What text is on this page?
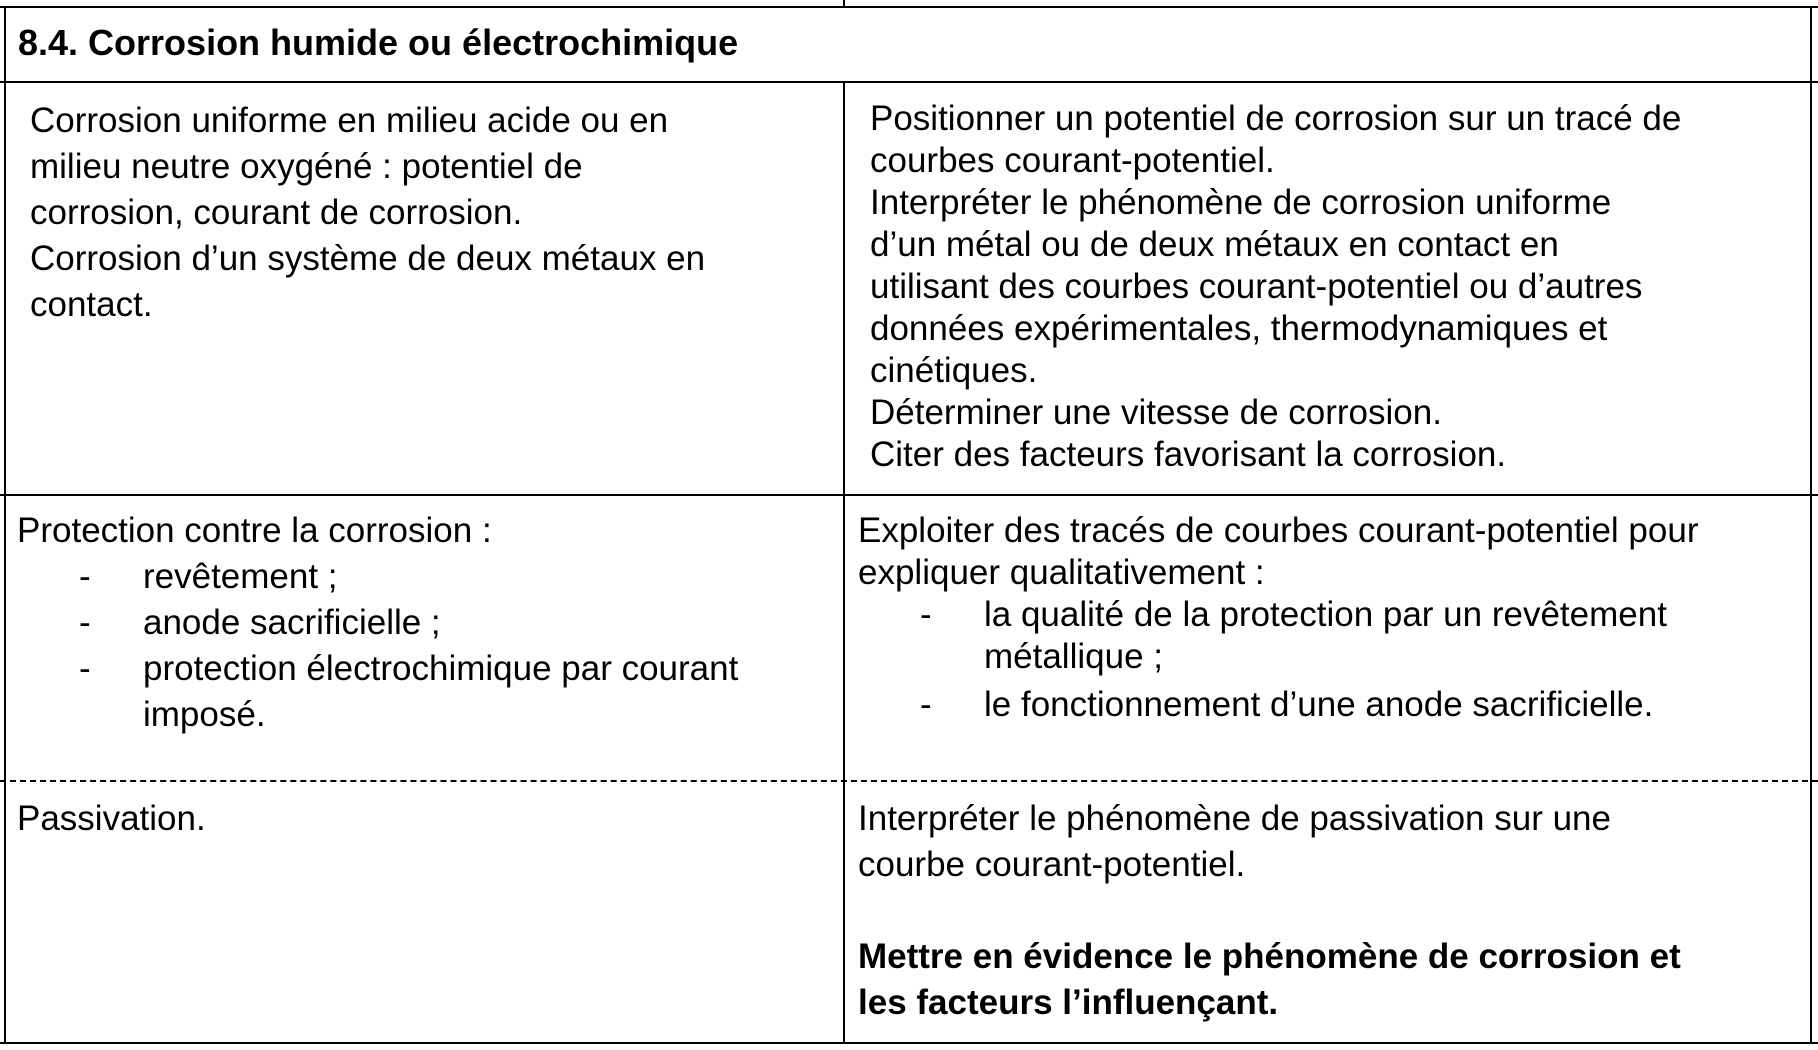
8.4. Corrosion humide ou électrochimique
Corrosion uniforme en milieu acide ou en
milieu neutre oxygéné : potentiel de
corrosion, courant de corrosion.
Corrosion d’un système de deux métaux en
contact.
Positionner un potentiel de corrosion sur un tracé de
courbes courant-potentiel.
Interpréter le phénomène de corrosion uniforme
d’un métal ou de deux métaux en contact en
utilisant des courbes courant-potentiel ou d’autres
données expérimentales, thermodynamiques et
cinétiques.
Déterminer une vitesse de corrosion.
Citer des facteurs favorisant la corrosion.
Protection contre la corrosion :
- revêtement ;
- anode sacrificielle ;
- protection électrochimique par courant
imposé.
Exploiter des tracés de courbes courant-potentiel pour
expliquer qualitativement :
- la qualité de la protection par un revêtement
métallique ;
- le fonctionnement d’une anode sacrificielle.
Passivation.	Interpréter le phénomène de passivation sur une
courbe courant-potentiel.
Mettre en évidence le phénomène de corrosion et
les facteurs l’influençant.
